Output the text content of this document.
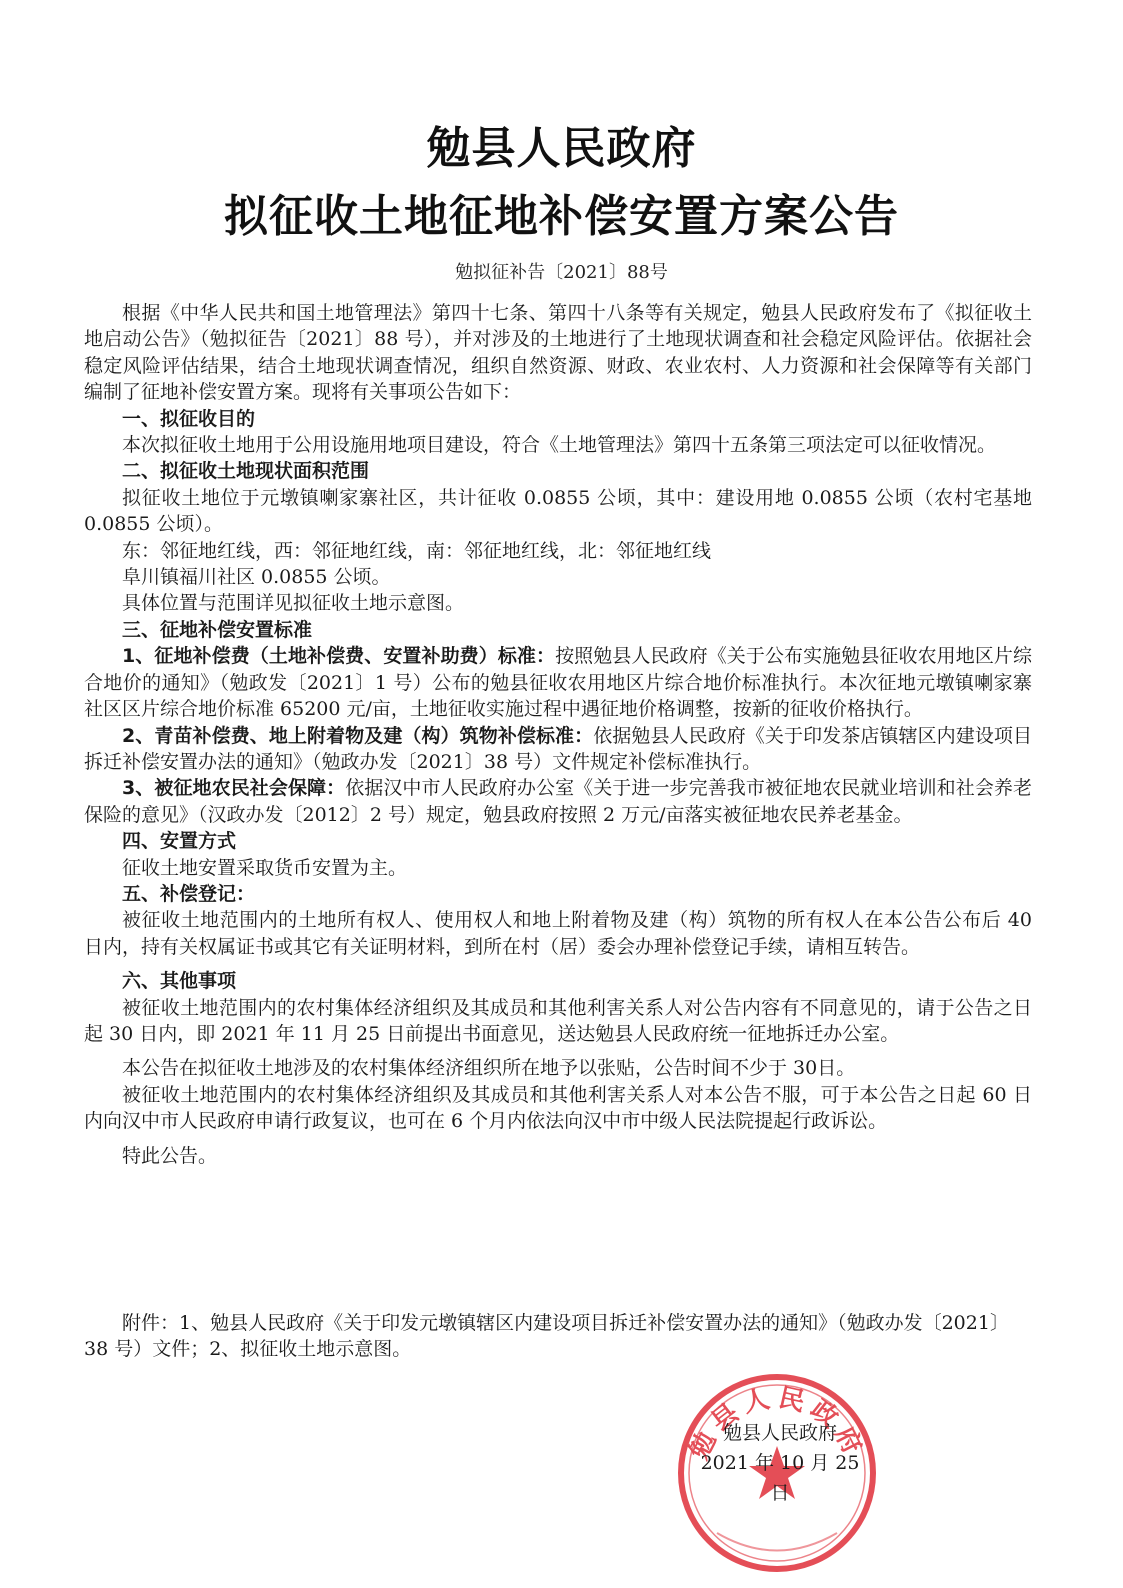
勉县人民政府
拟征收土地征地补偿安置方案公告
勉拟征补告〔2021〕88号

根据《中华人民共和国土地管理法》第四十七条、第四十八条等有关规定，勉县人民政府发布了《拟征收土地启动公告》（勉拟征告〔2021〕88 号），并对涉及的土地进行了土地现状调查和社会稳定风险评估。依据社会稳定风险评估结果，结合土地现状调查情况，组织自然资源、财政、农业农村、人力资源和社会保障等有关部门编制了征地补偿安置方案。现将有关事项公告如下：

一、拟征收目的

本次拟征收土地用于公用设施用地项目建设，符合《土地管理法》第四十五条第三项法定可以征收情况。

二、拟征收土地现状面积范围

拟征收土地位于元墩镇喇家寨社区，共计征收 0.0855 公顷，其中：建设用地 0.0855 公顷（农村宅基地 0.0855 公顷）。

东：邻征地红线，西：邻征地红线，南：邻征地红线，北：邻征地红线

阜川镇福川社区 0.0855 公顷。

具体位置与范围详见拟征收土地示意图。

三、征地补偿安置标准

1、征地补偿费（土地补偿费、安置补助费）标准：按照勉县人民政府《关于公布实施勉县征收农用地区片综合地价的通知》（勉政发〔2021〕1 号）公布的勉县征收农用地区片综合地价标准执行。本次征地元墩镇喇家寨社区区片综合地价标准 65200 元/亩，土地征收实施过程中遇征地价格调整，按新的征收价格执行。

2、青苗补偿费、地上附着物及建（构）筑物补偿标准：依据勉县人民政府《关于印发茶店镇辖区内建设项目拆迁补偿安置办法的通知》（勉政办发〔2021〕38 号）文件规定补偿标准执行。

3、被征地农民社会保障：依据汉中市人民政府办公室《关于进一步完善我市被征地农民就业培训和社会养老保险的意见》（汉政办发〔2012〕2 号）规定，勉县政府按照 2 万元/亩落实被征地农民养老基金。

四、安置方式

征收土地安置采取货币安置为主。

五、补偿登记：

被征收土地范围内的土地所有权人、使用权人和地上附着物及建（构）筑物的所有权人在本公告公布后 40 日内，持有关权属证书或其它有关证明材料，到所在村（居）委会办理补偿登记手续，请相互转告。

六、其他事项

被征收土地范围内的农村集体经济组织及其成员和其他利害关系人对公告内容有不同意见的，请于公告之日起 30 日内，即 2021 年 11 月 25 日前提出书面意见，送达勉县人民政府统一征地拆迁办公室。

本公告在拟征收土地涉及的农村集体经济组织所在地予以张贴，公告时间不少于 30日。

被征收土地范围内的农村集体经济组织及其成员和其他利害关系人对本公告不服，可于本公告之日起 60 日内向汉中市人民政府申请行政复议，也可在 6 个月内依法向汉中市中级人民法院提起行政诉讼。

特此公告。

附件：1、勉县人民政府《关于印发元墩镇辖区内建设项目拆迁补偿安置办法的通知》（勉政办发〔2021〕38 号）文件；2、拟征收土地示意图。

勉县人民政府
勉县人民政府
2021 年 10 月 25 日
